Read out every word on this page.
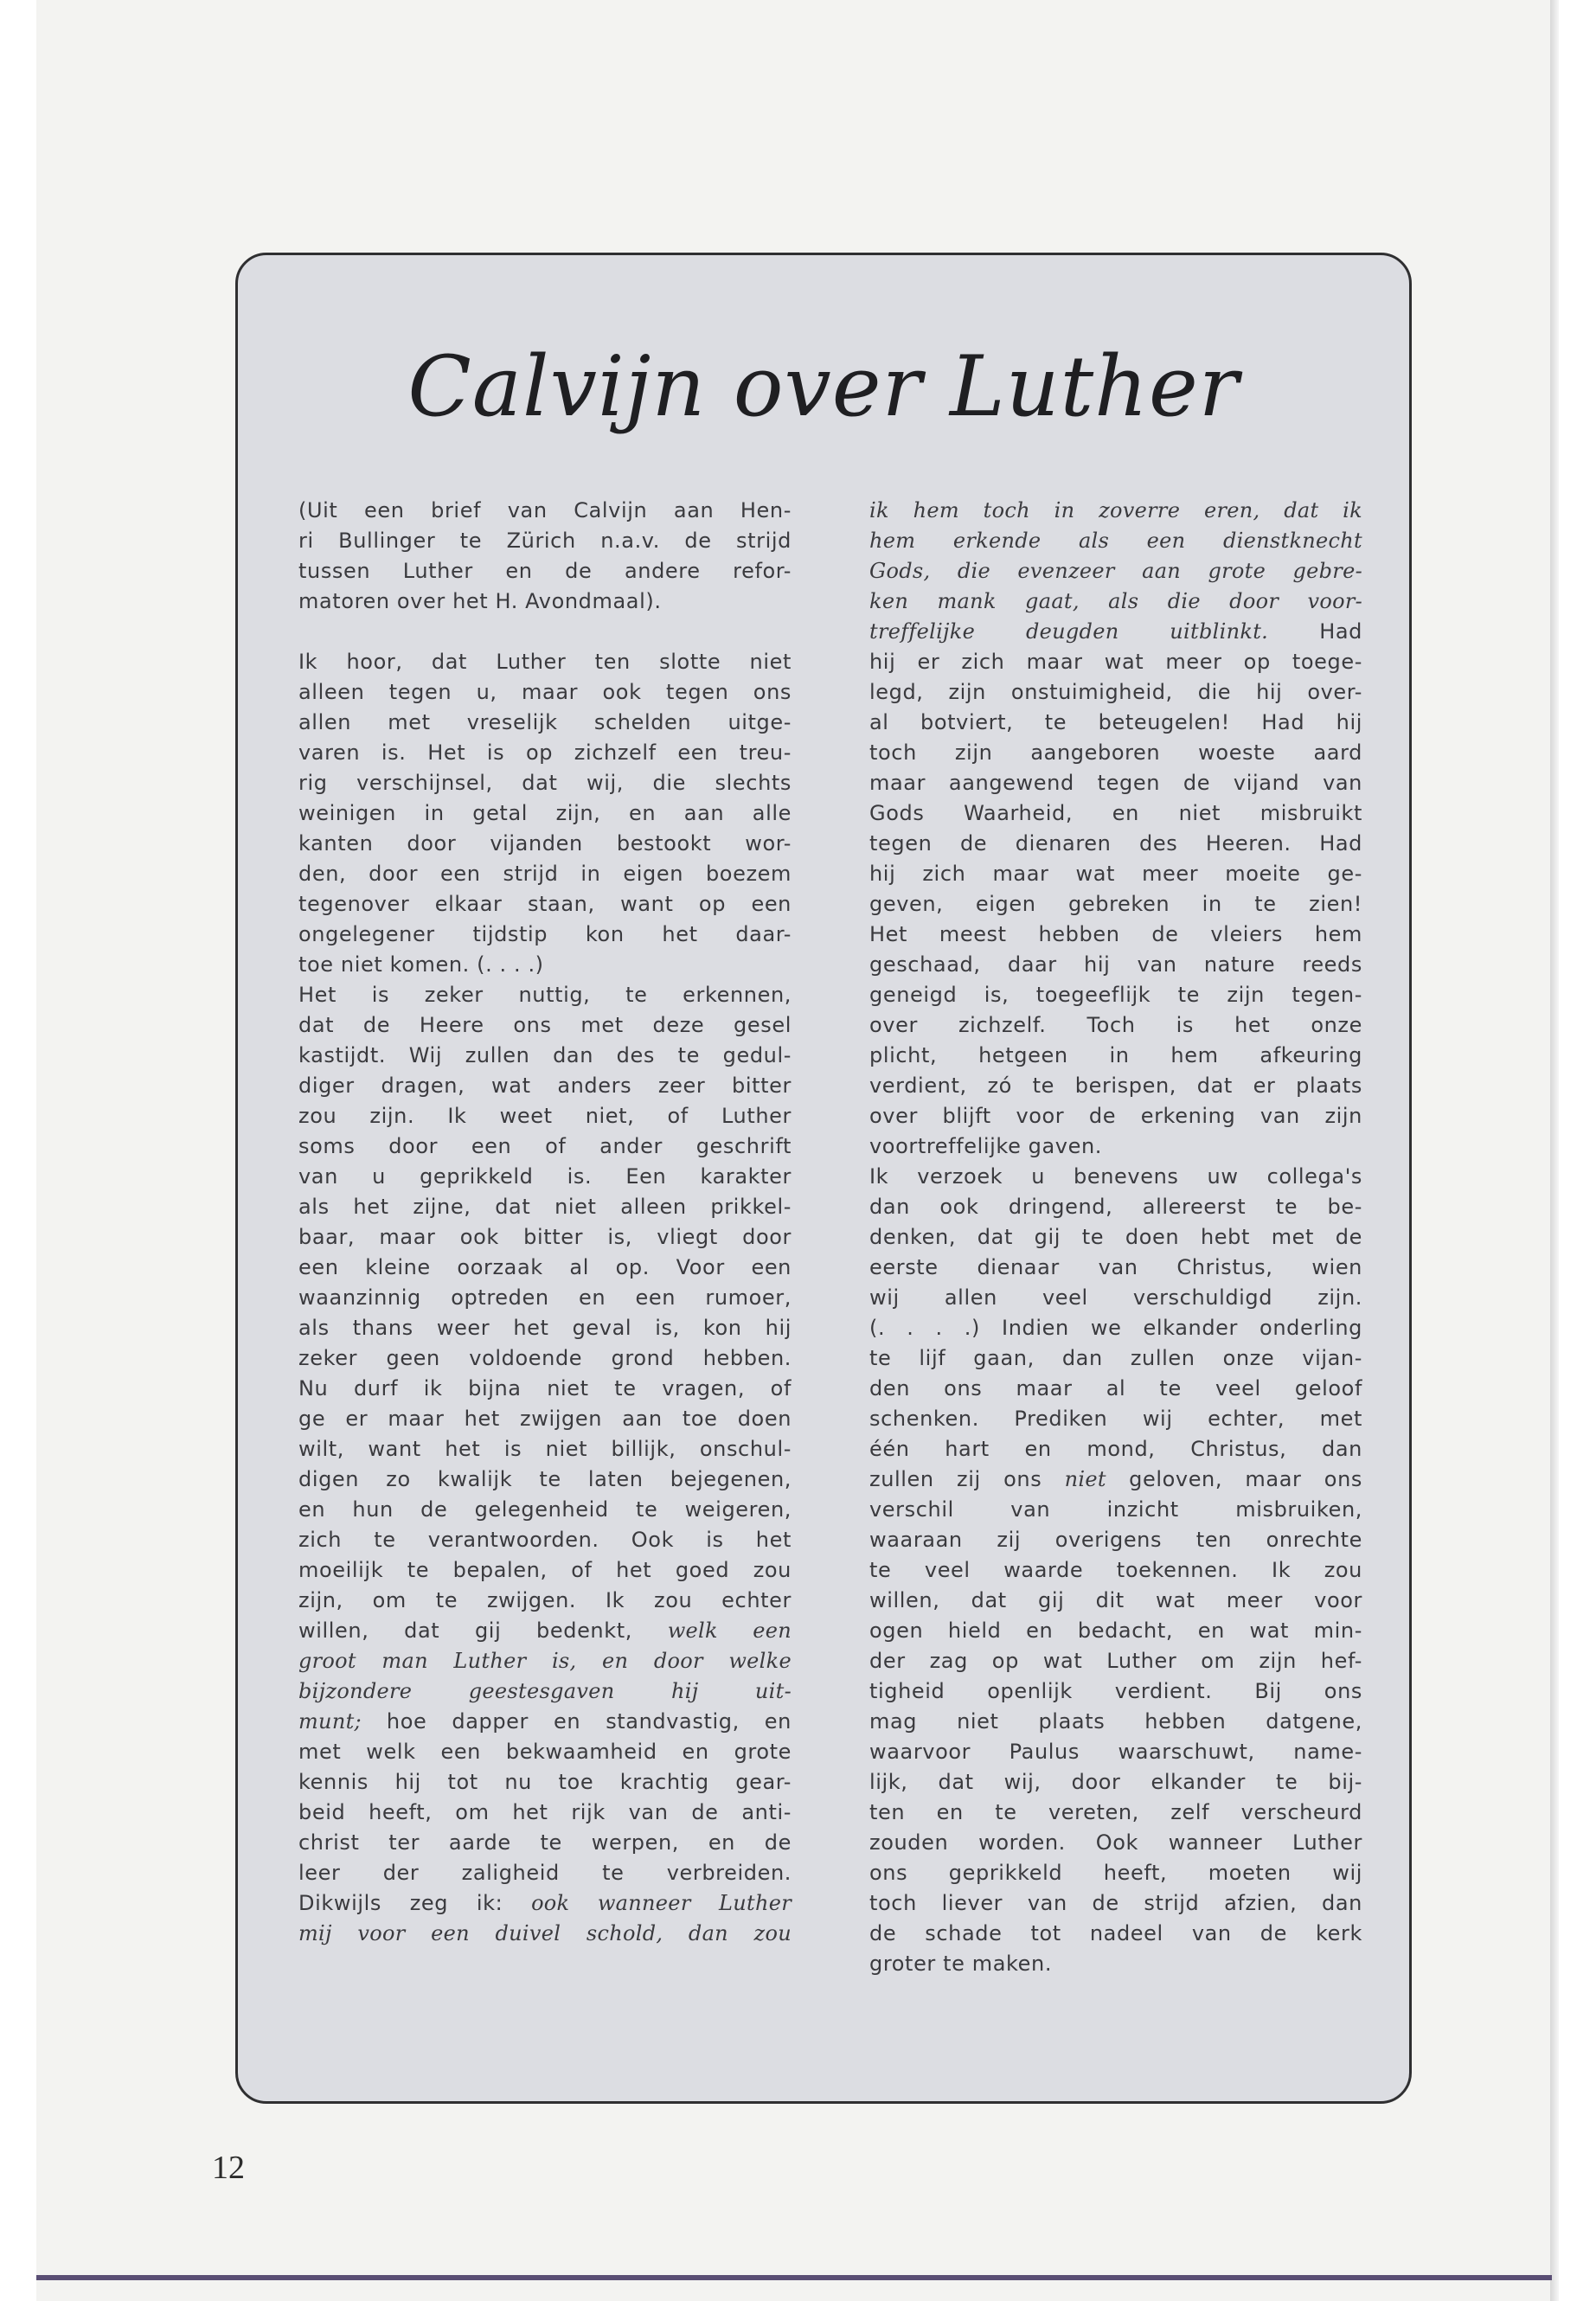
Calvijn over Luther
(Uit een brief van Calvijn aan Hen-
ri Bullinger te Zürich n.a.v. de strijd
tussen Luther en de andere refor-
matoren over het H. Avondmaal).
Ik hoor, dat Luther ten slotte niet
alleen tegen u, maar ook tegen ons
allen met vreselijk schelden uitge-
varen is. Het is op zichzelf een treu-
rig verschijnsel, dat wij, die slechts
weinigen in getal zijn, en aan alle
kanten door vijanden bestookt wor-
den, door een strijd in eigen boezem
tegenover elkaar staan, want op een
ongelegener tijdstip kon het daar-
toe niet komen. (. . . .)
Het is zeker nuttig, te erkennen,
dat de Heere ons met deze gesel
kastijdt. Wij zullen dan des te gedul-
diger dragen, wat anders zeer bitter
zou zijn. Ik weet niet, of Luther
soms door een of ander geschrift
van u geprikkeld is. Een karakter
als het zijne, dat niet alleen prikkel-
baar, maar ook bitter is, vliegt door
een kleine oorzaak al op. Voor een
waanzinnig optreden en een rumoer,
als thans weer het geval is, kon hij
zeker geen voldoende grond hebben.
Nu durf ik bijna niet te vragen, of
ge er maar het zwijgen aan toe doen
wilt, want het is niet billijk, onschul-
digen zo kwalijk te laten bejegenen,
en hun de gelegenheid te weigeren,
zich te verantwoorden. Ook is het
moeilijk te bepalen, of het goed zou
zijn, om te zwijgen. Ik zou echter
willen, dat gij bedenkt, welk een
groot man Luther is, en door welke
bijzondere geestesgaven hij uit-
munt; hoe dapper en standvastig, en
met welk een bekwaamheid en grote
kennis hij tot nu toe krachtig gear-
beid heeft, om het rijk van de anti-
christ ter aarde te werpen, en de
leer der zaligheid te verbreiden.
Dikwijls zeg ik: ook wanneer Luther
mij voor een duivel schold, dan zou
ik hem toch in zoverre eren, dat ik
hem erkende als een dienstknecht
Gods, die evenzeer aan grote gebre-
ken mank gaat, als die door voor-
treffelijke deugden uitblinkt. Had
hij er zich maar wat meer op toege-
legd, zijn onstuimigheid, die hij over-
al botviert, te beteugelen! Had hij
toch zijn aangeboren woeste aard
maar aangewend tegen de vijand van
Gods Waarheid, en niet misbruikt
tegen de dienaren des Heeren. Had
hij zich maar wat meer moeite ge-
geven, eigen gebreken in te zien!
Het meest hebben de vleiers hem
geschaad, daar hij van nature reeds
geneigd is, toegeeflijk te zijn tegen-
over zichzelf. Toch is het onze
plicht, hetgeen in hem afkeuring
verdient, zó te berispen, dat er plaats
over blijft voor de erkening van zijn
voortreffelijke gaven.
Ik verzoek u benevens uw collega's
dan ook dringend, allereerst te be-
denken, dat gij te doen hebt met de
eerste dienaar van Christus, wien
wij allen veel verschuldigd zijn.
(. . . .) Indien we elkander onderling
te lijf gaan, dan zullen onze vijan-
den ons maar al te veel geloof
schenken. Prediken wij echter, met
één hart en mond, Christus, dan
zullen zij ons niet geloven, maar ons
verschil van inzicht misbruiken,
waaraan zij overigens ten onrechte
te veel waarde toekennen. Ik zou
willen, dat gij dit wat meer voor
ogen hield en bedacht, en wat min-
der zag op wat Luther om zijn hef-
tigheid openlijk verdient. Bij ons
mag niet plaats hebben datgene,
waarvoor Paulus waarschuwt, name-
lijk, dat wij, door elkander te bij-
ten en te vereten, zelf verscheurd
zouden worden. Ook wanneer Luther
ons geprikkeld heeft, moeten wij
toch liever van de strijd afzien, dan
de schade tot nadeel van de kerk
groter te maken.
12
